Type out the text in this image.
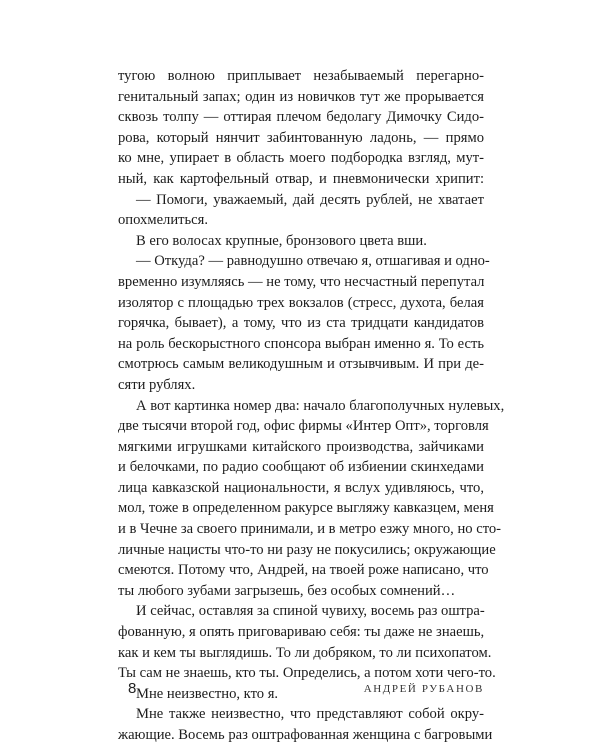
тугою волною приплывает незабываемый перегарно-
генитальный запах; один из новичков тут же прорывается
сквозь толпу — оттирая плечом бедолагу Димочку Сидо-
рова, который нянчит забинтованную ладонь, — прямо
ко мне, упирает в область моего подбородка взгляд, мут-
ный, как картофельный отвар, и пневмонически хрипит:
— Помоги, уважаемый, дай десять рублей, не хватает
опохмелиться.
В его волосах крупные, бронзового цвета вши.
— Откуда? — равнодушно отвечаю я, отшагивая и одно-
временно изумляясь — не тому, что несчастный перепутал
изолятор с площадью трех вокзалов (стресс, духота, белая
горячка, бывает), а тому, что из ста тридцати кандидатов
на роль бескорыстного спонсора выбран именно я. То есть
смотрюсь самым великодушным и отзывчивым. И при де-
сяти рублях.
А вот картинка номер два: начало благополучных нулевых,
две тысячи второй год, офис фирмы «Интер Опт», торговля
мягкими игрушками китайского производства, зайчиками
и белочками, по радио сообщают об избиении скинхедами
лица кавказской национальности, я вслух удивляюсь, что,
мол, тоже в определенном ракурсе выгляжу кавказцем, меня
и в Чечне за своего принимали, и в метро езжу много, но сто-
личные нацисты что-то ни разу не покусились; окружающие
смеются. Потому что, Андрей, на твоей роже написано, что
ты любого зубами загрызешь, без особых сомнений…
И сейчас, оставляя за спиной чувиху, восемь раз оштра-
фованную, я опять приговариваю себя: ты даже не знаешь,
как и кем ты выглядишь. То ли добряком, то ли психопатом.
Ты сам не знаешь, кто ты. Определись, а потом хоти чего-то.
Мне неизвестно, кто я.
Мне также неизвестно, что представляют собой окру-
жающие. Восемь раз оштрафованная женщина с багровыми
8	АНДРЕЙ РУБАНОВ
